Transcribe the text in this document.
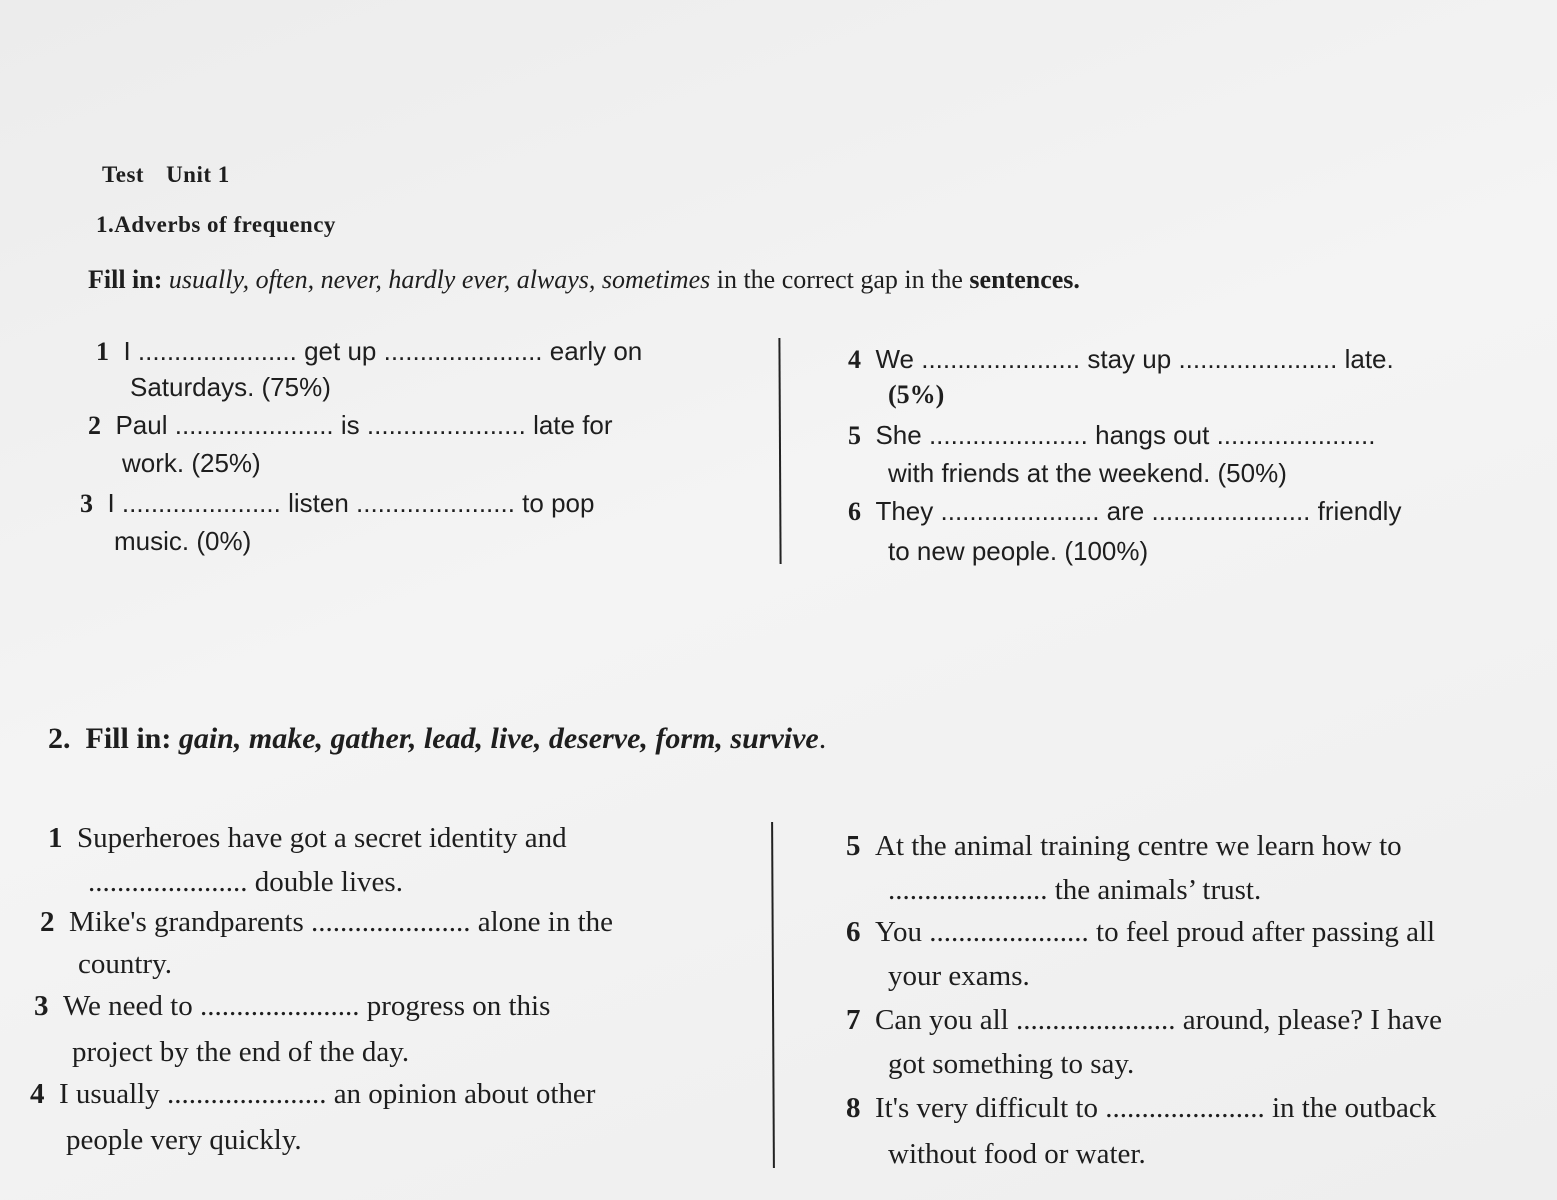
Test Unit 1
1.Adverbs of frequency
Fill in: usually, often, never, hardly ever, always, sometimes in the correct gap in the sentences.
1 I ...................... get up ...................... early on
Saturdays. (75%)
2 Paul ...................... is ...................... late for
work. (25%)
3 I ...................... listen ...................... to pop
music. (0%)
4 We ...................... stay up ...................... late.
(5%)
5 She ...................... hangs out ......................
with friends at the weekend. (50%)
6 They ...................... are ...................... friendly
to new people. (100%)
2. Fill in: gain, make, gather, lead, live, deserve, form, survive.
1 Superheroes have got a secret identity and
...................... double lives.
2 Mike's grandparents ...................... alone in the
country.
3 We need to ...................... progress on this
project by the end of the day.
4 I usually ...................... an opinion about other
people very quickly.
5 At the animal training centre we learn how to
...................... the animals’ trust.
6 You ...................... to feel proud after passing all
your exams.
7 Can you all ...................... around, please? I have
got something to say.
8 It's very difficult to ...................... in the outback
without food or water.
